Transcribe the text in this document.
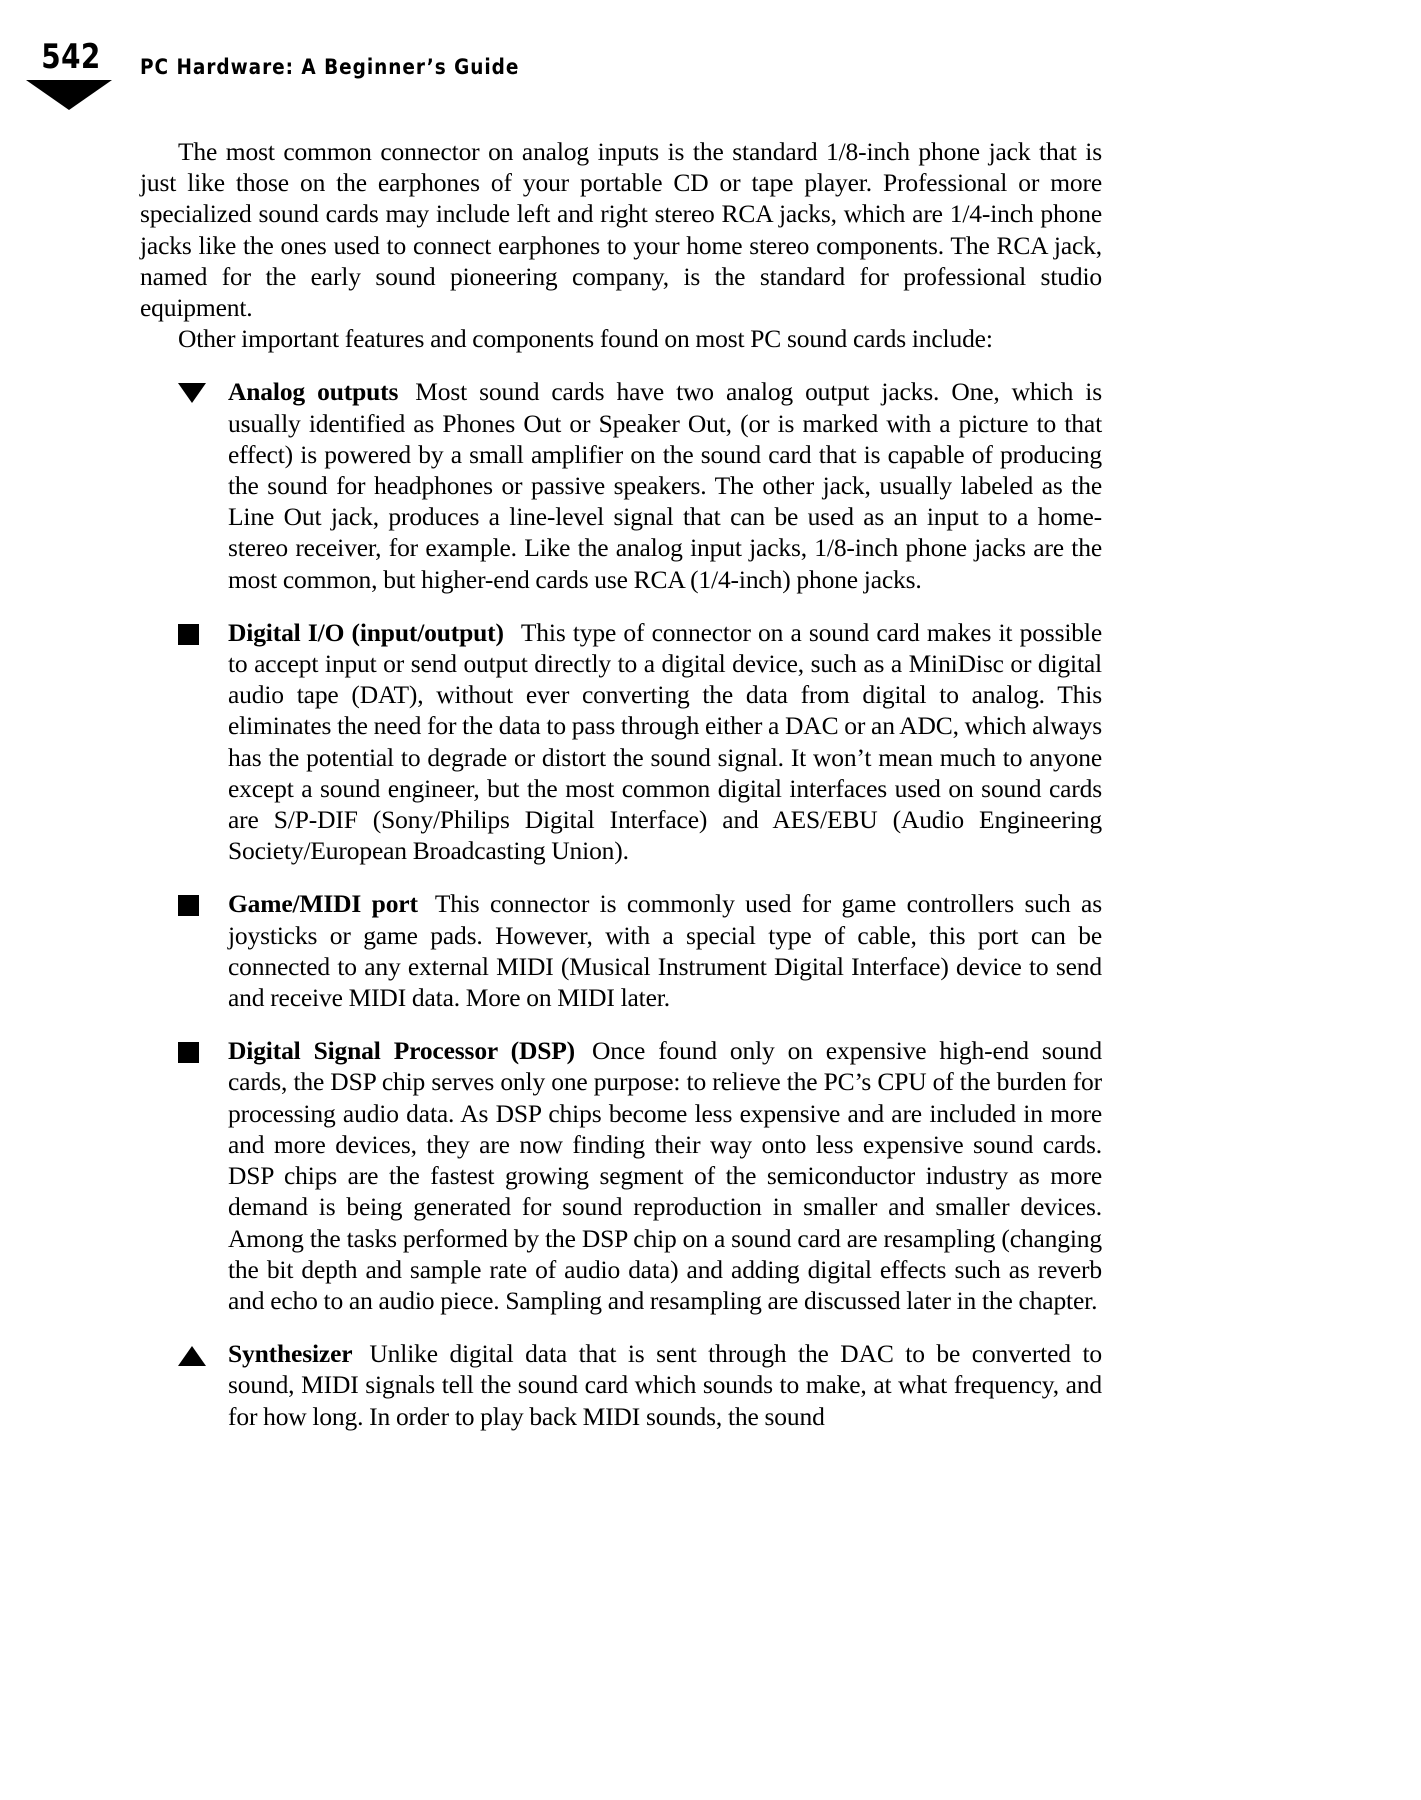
542 PC Hardware: A Beginner’s Guide

The most common connector on analog inputs is the standard 1/8-inch phone jack that is just like those on the earphones of your portable CD or tape player. Professional or more specialized sound cards may include left and right stereo RCA jacks, which are 1/4-inch phone jacks like the ones used to connect earphones to your home stereo components. The RCA jack, named for the early sound pioneering company, is the standard for professional studio equipment.

Other important features and components found on most PC sound cards include:

Analog outputs Most sound cards have two analog output jacks. One, which is usually identified as Phones Out or Speaker Out, (or is marked with a picture to that effect) is powered by a small amplifier on the sound card that is capable of producing the sound for headphones or passive speakers. The other jack, usually labeled as the Line Out jack, produces a line-level signal that can be used as an input to a home-stereo receiver, for example. Like the analog input jacks, 1/8-inch phone jacks are the most common, but higher-end cards use RCA (1/4-inch) phone jacks.

Digital I/O (input/output) This type of connector on a sound card makes it possible to accept input or send output directly to a digital device, such as a MiniDisc or digital audio tape (DAT), without ever converting the data from digital to analog. This eliminates the need for the data to pass through either a DAC or an ADC, which always has the potential to degrade or distort the sound signal. It won’t mean much to anyone except a sound engineer, but the most common digital interfaces used on sound cards are S/P-DIF (Sony/Philips Digital Interface) and AES/EBU (Audio Engineering Society/European Broadcasting Union).

Game/MIDI port This connector is commonly used for game controllers such as joysticks or game pads. However, with a special type of cable, this port can be connected to any external MIDI (Musical Instrument Digital Interface) device to send and receive MIDI data. More on MIDI later.

Digital Signal Processor (DSP) Once found only on expensive high-end sound cards, the DSP chip serves only one purpose: to relieve the PC’s CPU of the burden for processing audio data. As DSP chips become less expensive and are included in more and more devices, they are now finding their way onto less expensive sound cards. DSP chips are the fastest growing segment of the semiconductor industry as more demand is being generated for sound reproduction in smaller and smaller devices. Among the tasks performed by the DSP chip on a sound card are resampling (changing the bit depth and sample rate of audio data) and adding digital effects such as reverb and echo to an audio piece. Sampling and resampling are discussed later in the chapter.

Synthesizer Unlike digital data that is sent through the DAC to be converted to sound, MIDI signals tell the sound card which sounds to make, at what frequency, and for how long. In order to play back MIDI sounds, the sound
